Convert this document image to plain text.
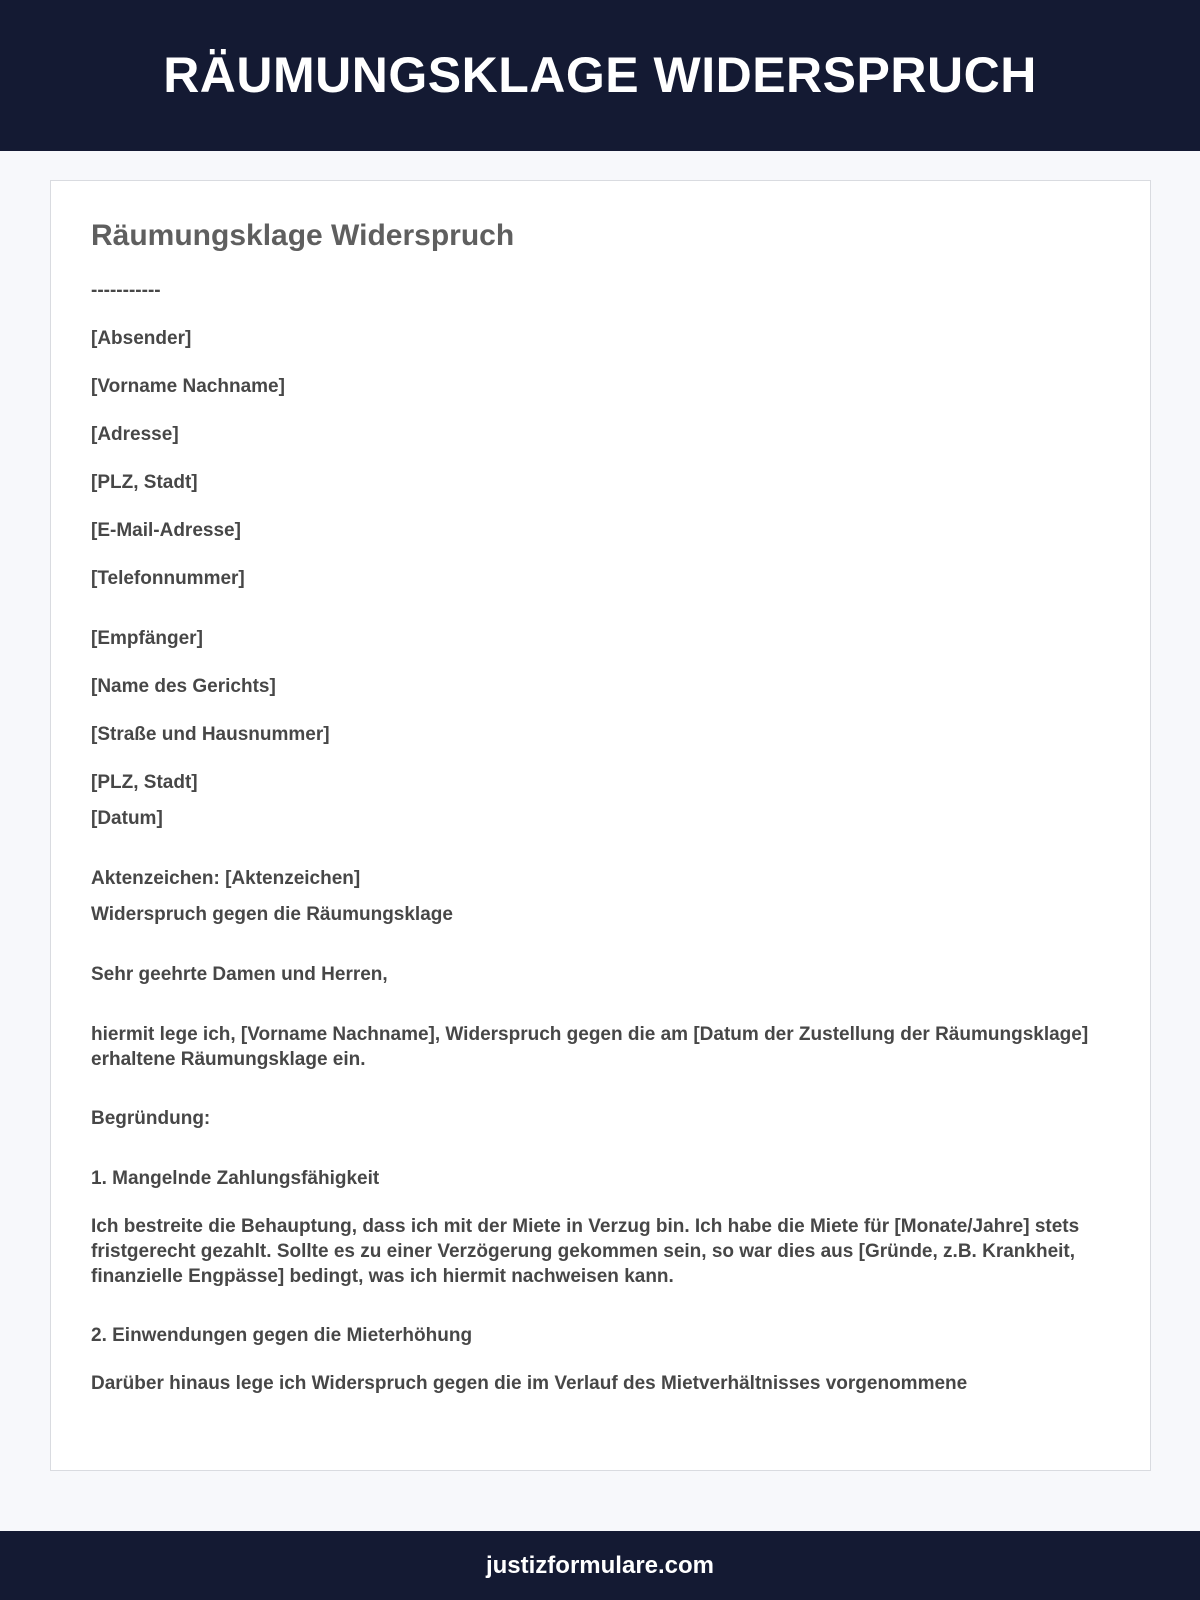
RÄUMUNGSKLAGE WIDERSPRUCH
Räumungsklage Widerspruch
-----------
[Absender]
[Vorname Nachname]
[Adresse]
[PLZ, Stadt]
[E-Mail-Adresse]
[Telefonnummer]
[Empfänger]
[Name des Gerichts]
[Straße und Hausnummer]
[PLZ, Stadt]
[Datum]
Aktenzeichen: [Aktenzeichen]
Widerspruch gegen die Räumungsklage
Sehr geehrte Damen und Herren,

hiermit lege ich, [Vorname Nachname], Widerspruch gegen die am [Datum der Zustellung der Räumungsklage] erhaltene Räumungsklage ein.

Begründung:
1. Mangelnde Zahlungsfähigkeit

Ich bestreite die Behauptung, dass ich mit der Miete in Verzug bin. Ich habe die Miete für [Monate/Jahre] stets fristgerecht gezahlt. Sollte es zu einer Verzögerung gekommen sein, so war dies aus [Gründe, z.B. Krankheit, finanzielle Engpässe] bedingt, was ich hiermit nachweisen kann.

2. Einwendungen gegen die Mieterhöhung

Darüber hinaus lege ich Widerspruch gegen die im Verlauf des Mietverhältnisses vorgenommene

justizformulare.com
